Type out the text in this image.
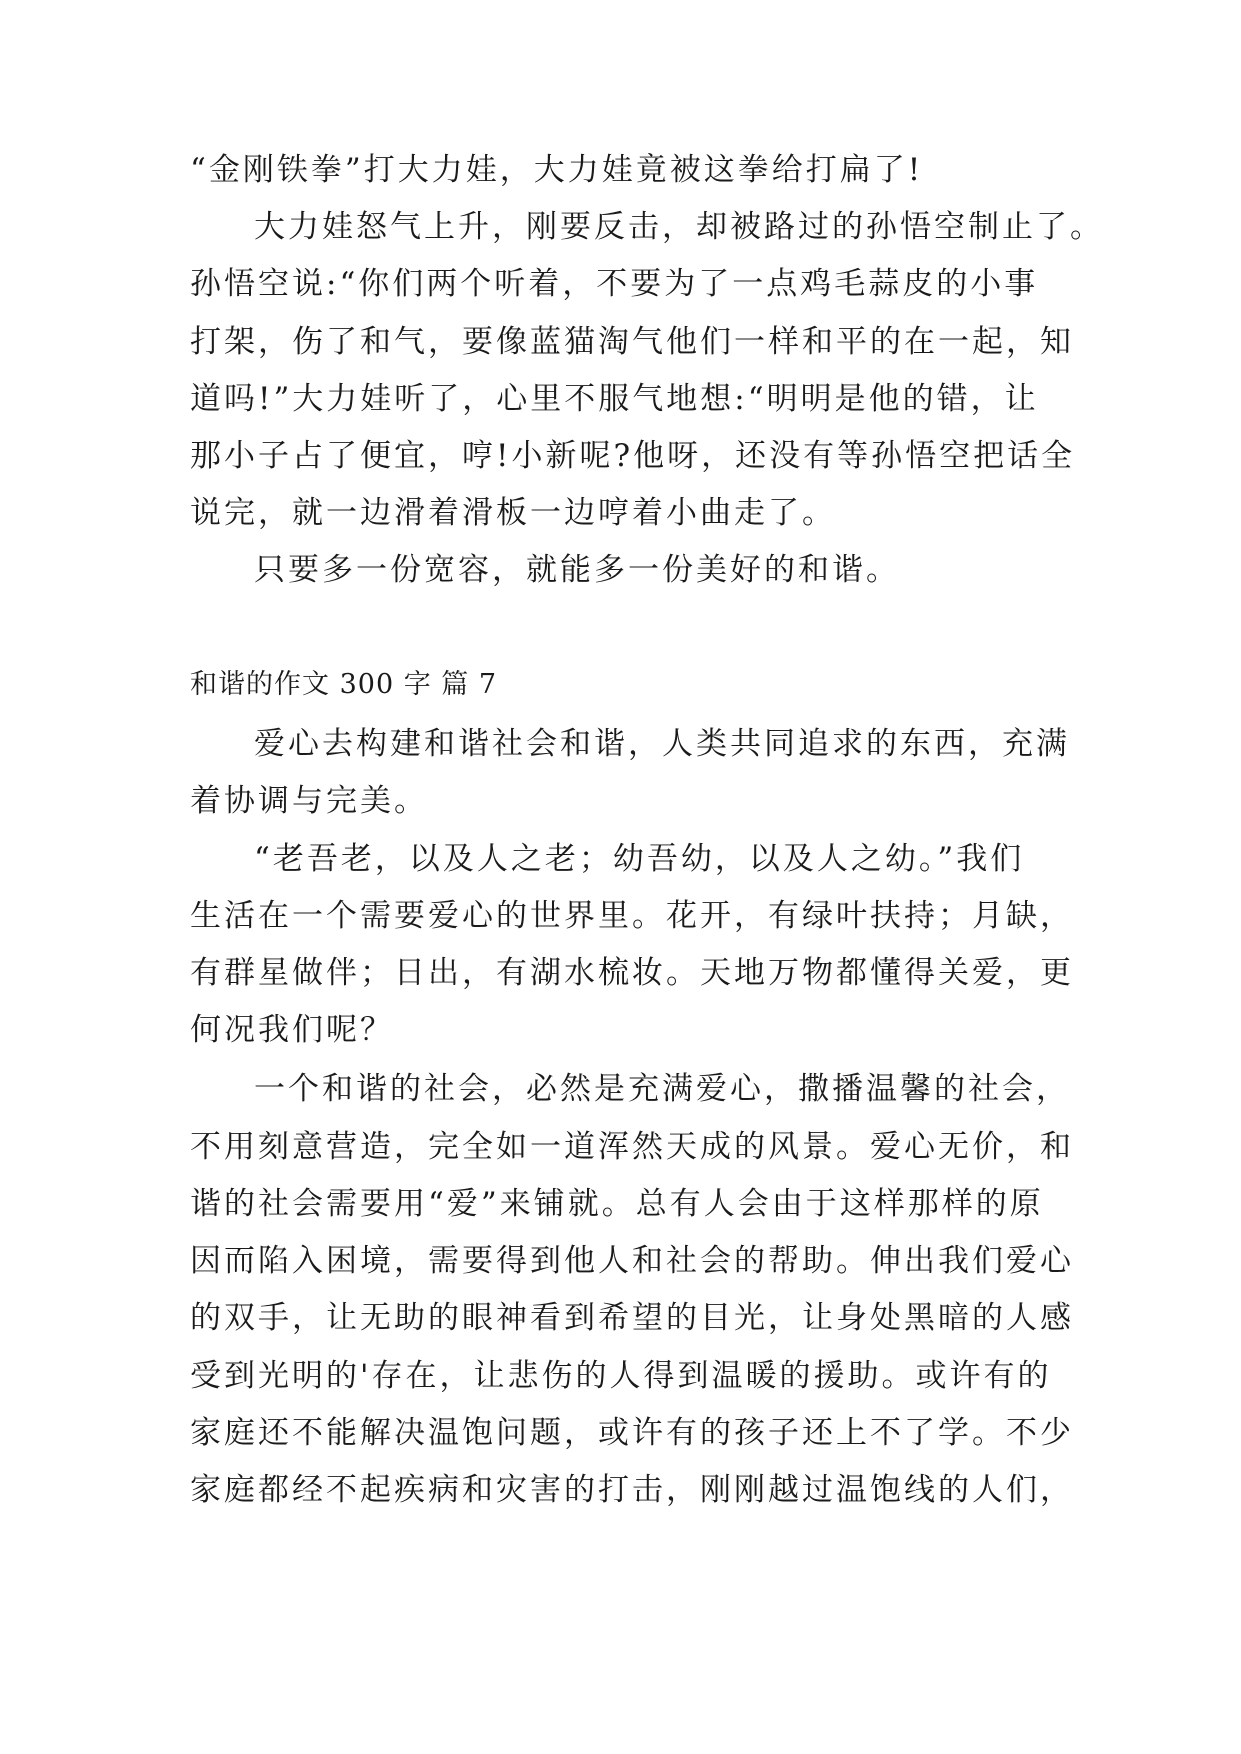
“金刚铁拳”打大力娃，大力娃竟被这拳给打扁了!
大力娃怒气上升，刚要反击，却被路过的孙悟空制止了。
孙悟空说:“你们两个听着，不要为了一点鸡毛蒜皮的小事
打架，伤了和气，要像蓝猫淘气他们一样和平的在一起，知
道吗!”大力娃听了，心里不服气地想:“明明是他的错，让
那小子占了便宜，哼!小新呢?他呀，还没有等孙悟空把话全
说完，就一边滑着滑板一边哼着小曲走了。
只要多一份宽容，就能多一份美好的和谐。
和谐的作文 300 字 篇 7
爱心去构建和谐社会和谐，人类共同追求的东西，充满
着协调与完美。
“老吾老，以及人之老；幼吾幼，以及人之幼。”我们
生活在一个需要爱心的世界里。花开，有绿叶扶持；月缺，
有群星做伴；日出，有湖水梳妆。天地万物都懂得关爱，更
何况我们呢？
一个和谐的社会，必然是充满爱心，撒播温馨的社会，
不用刻意营造，完全如一道浑然天成的风景。爱心无价，和
谐的社会需要用“爱”来铺就。总有人会由于这样那样的原
因而陷入困境，需要得到他人和社会的帮助。伸出我们爱心
的双手，让无助的眼神看到希望的目光，让身处黑暗的人感
受到光明的'存在，让悲伤的人得到温暖的援助。或许有的
家庭还不能解决温饱问题，或许有的孩子还上不了学。不少
家庭都经不起疾病和灾害的打击，刚刚越过温饱线的人们，
